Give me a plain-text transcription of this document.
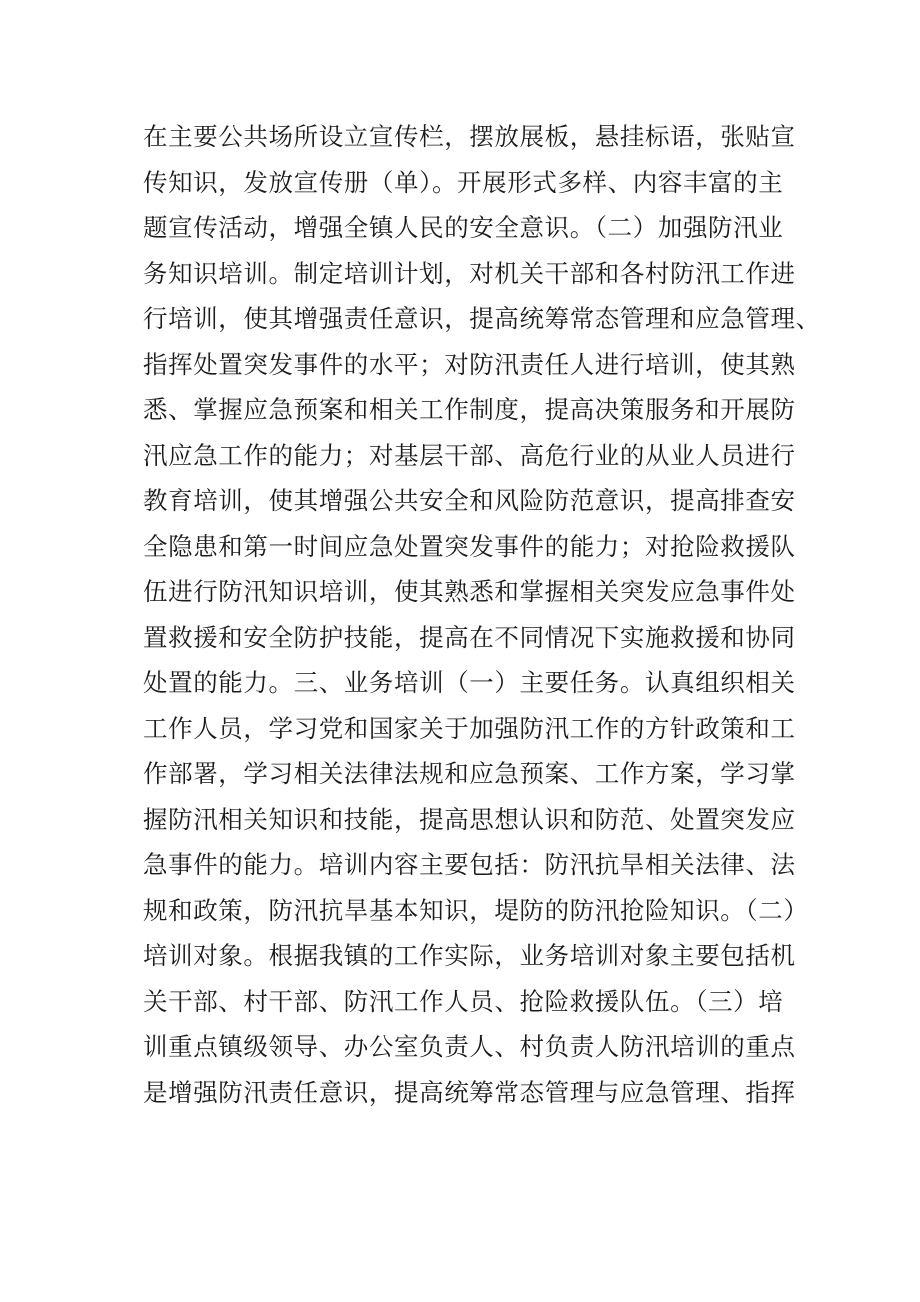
在主要公共场所设立宣传栏，摆放展板，悬挂标语，张贴宣
传知识，发放宣传册（单）。开展形式多样、内容丰富的主
题宣传活动，增强全镇人民的安全意识。（二）加强防汛业
务知识培训。制定培训计划，对机关干部和各村防汛工作进
行培训，使其增强责任意识，提高统筹常态管理和应急管理、
指挥处置突发事件的水平；对防汛责任人进行培训，使其熟
悉、掌握应急预案和相关工作制度，提高决策服务和开展防
汛应急工作的能力；对基层干部、高危行业的从业人员进行
教育培训，使其增强公共安全和风险防范意识，提高排查安
全隐患和第一时间应急处置突发事件的能力；对抢险救援队
伍进行防汛知识培训，使其熟悉和掌握相关突发应急事件处
置救援和安全防护技能，提高在不同情况下实施救援和协同
处置的能力。三、业务培训（一）主要任务。认真组织相关
工作人员，学习党和国家关于加强防汛工作的方针政策和工
作部署，学习相关法律法规和应急预案、工作方案，学习掌
握防汛相关知识和技能，提高思想认识和防范、处置突发应
急事件的能力。培训内容主要包括：防汛抗旱相关法律、法
规和政策，防汛抗旱基本知识，堤防的防汛抢险知识。（二）
培训对象。根据我镇的工作实际，业务培训对象主要包括机
关干部、村干部、防汛工作人员、抢险救援队伍。（三）培
训重点镇级领导、办公室负责人、村负责人防汛培训的重点
是增强防汛责任意识，提高统筹常态管理与应急管理、指挥
